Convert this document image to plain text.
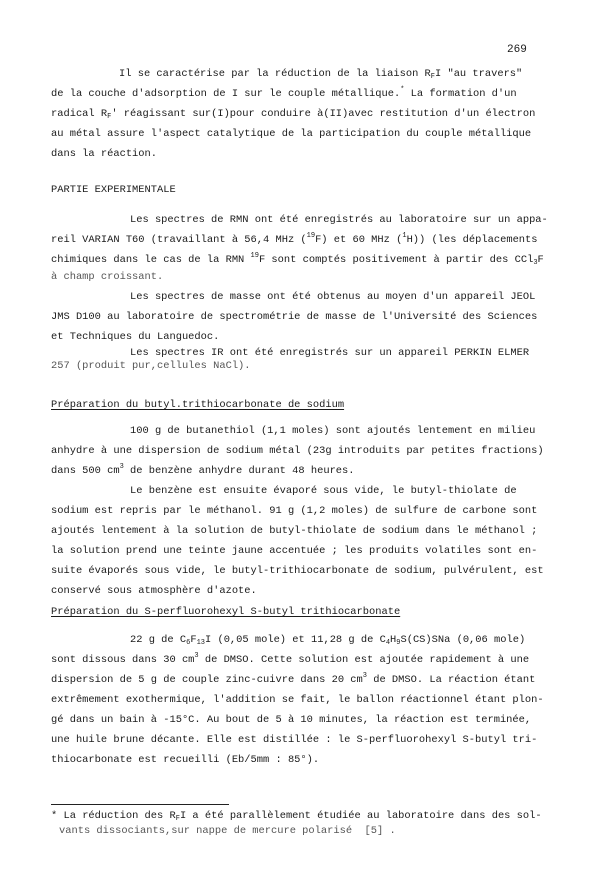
269
Il se caractérise par la réduction de la liaison $R_FI$ "au travers"
de la couche d'adsorption de I sur le couple métallique.* La formation d'un
radical $R_F'$ réagissant sur(I)pour conduire à(II)avec restitution d'un électron
au métal assure l'aspect catalytique de la participation du couple métallique
dans la réaction.
PARTIE EXPERIMENTALE
Les spectres de RMN ont été enregistrés au laboratoire sur un appa-
reil VARIAN T60 (travaillant à 56,4 MHz ($^{19}$F) et 60 MHz ($^1$H)) (les déplacements
chimiques dans le cas de la RMN $^{19}$F sont comptés positivement à partir des CCl$_3$F
à champ croissant.
Les spectres de masse ont été obtenus au moyen d'un appareil JEOL
JMS D100 au laboratoire de spectrométrie de masse de l'Université des Sciences
et Techniques du Languedoc.
Les spectres IR ont été enregistrés sur un appareil PERKIN ELMER
257 (produit pur,cellules NaCl).
Préparation du butyl.trithiocarbonate de sodium
100 g de butanethiol (1,1 moles) sont ajoutés lentement en milieu
anhydre à une dispersion de sodium métal (23g introduits par petites fractions)
dans 500 $cm^3$ de benzène anhydre durant 48 heures.
Le benzène est ensuite évaporé sous vide, le butyl-thiolate de
sodium est repris par le méthanol. 91 g (1,2 moles) de sulfure de carbone sont
ajoutés lentement à la solution de butyl-thiolate de sodium dans le méthanol ;
la solution prend une teinte jaune accentuée ; les produits volatiles sont en-
suite évaporés sous vide, le butyl-trithiocarbonate de sodium, pulvérulent, est
conservé sous atmosphère d'azote.
Préparation du S-perfluorohexyl S-butyl trithiocarbonate
22 g de $C_6F_{13}I$ (0,05 mole) et 11,28 g de $C_4H_9S(CS)SNa$ (0,06 mole)
sont dissous dans 30 $cm^3$ de DMSO. Cette solution est ajoutée rapidement à une
dispersion de 5 g de couple zinc-cuivre dans 20 $cm^3$ de DMSO. La réaction étant
extrêmement exothermique, l'addition se fait, le ballon réactionnel étant plon-
gé dans un bain à -15°C. Au bout de 5 à 10 minutes, la réaction est terminée,
une huile brune décante. Elle est distillée : le S-perfluorohexyl S-butyl tri-
thiocarbonate est recueilli (Eb/5mm : 85°).
* La réduction des $R_FI$ a été parallèlement étudiée au laboratoire dans des sol-
vants dissociants,sur nappe de mercure polarisé  [5] .
